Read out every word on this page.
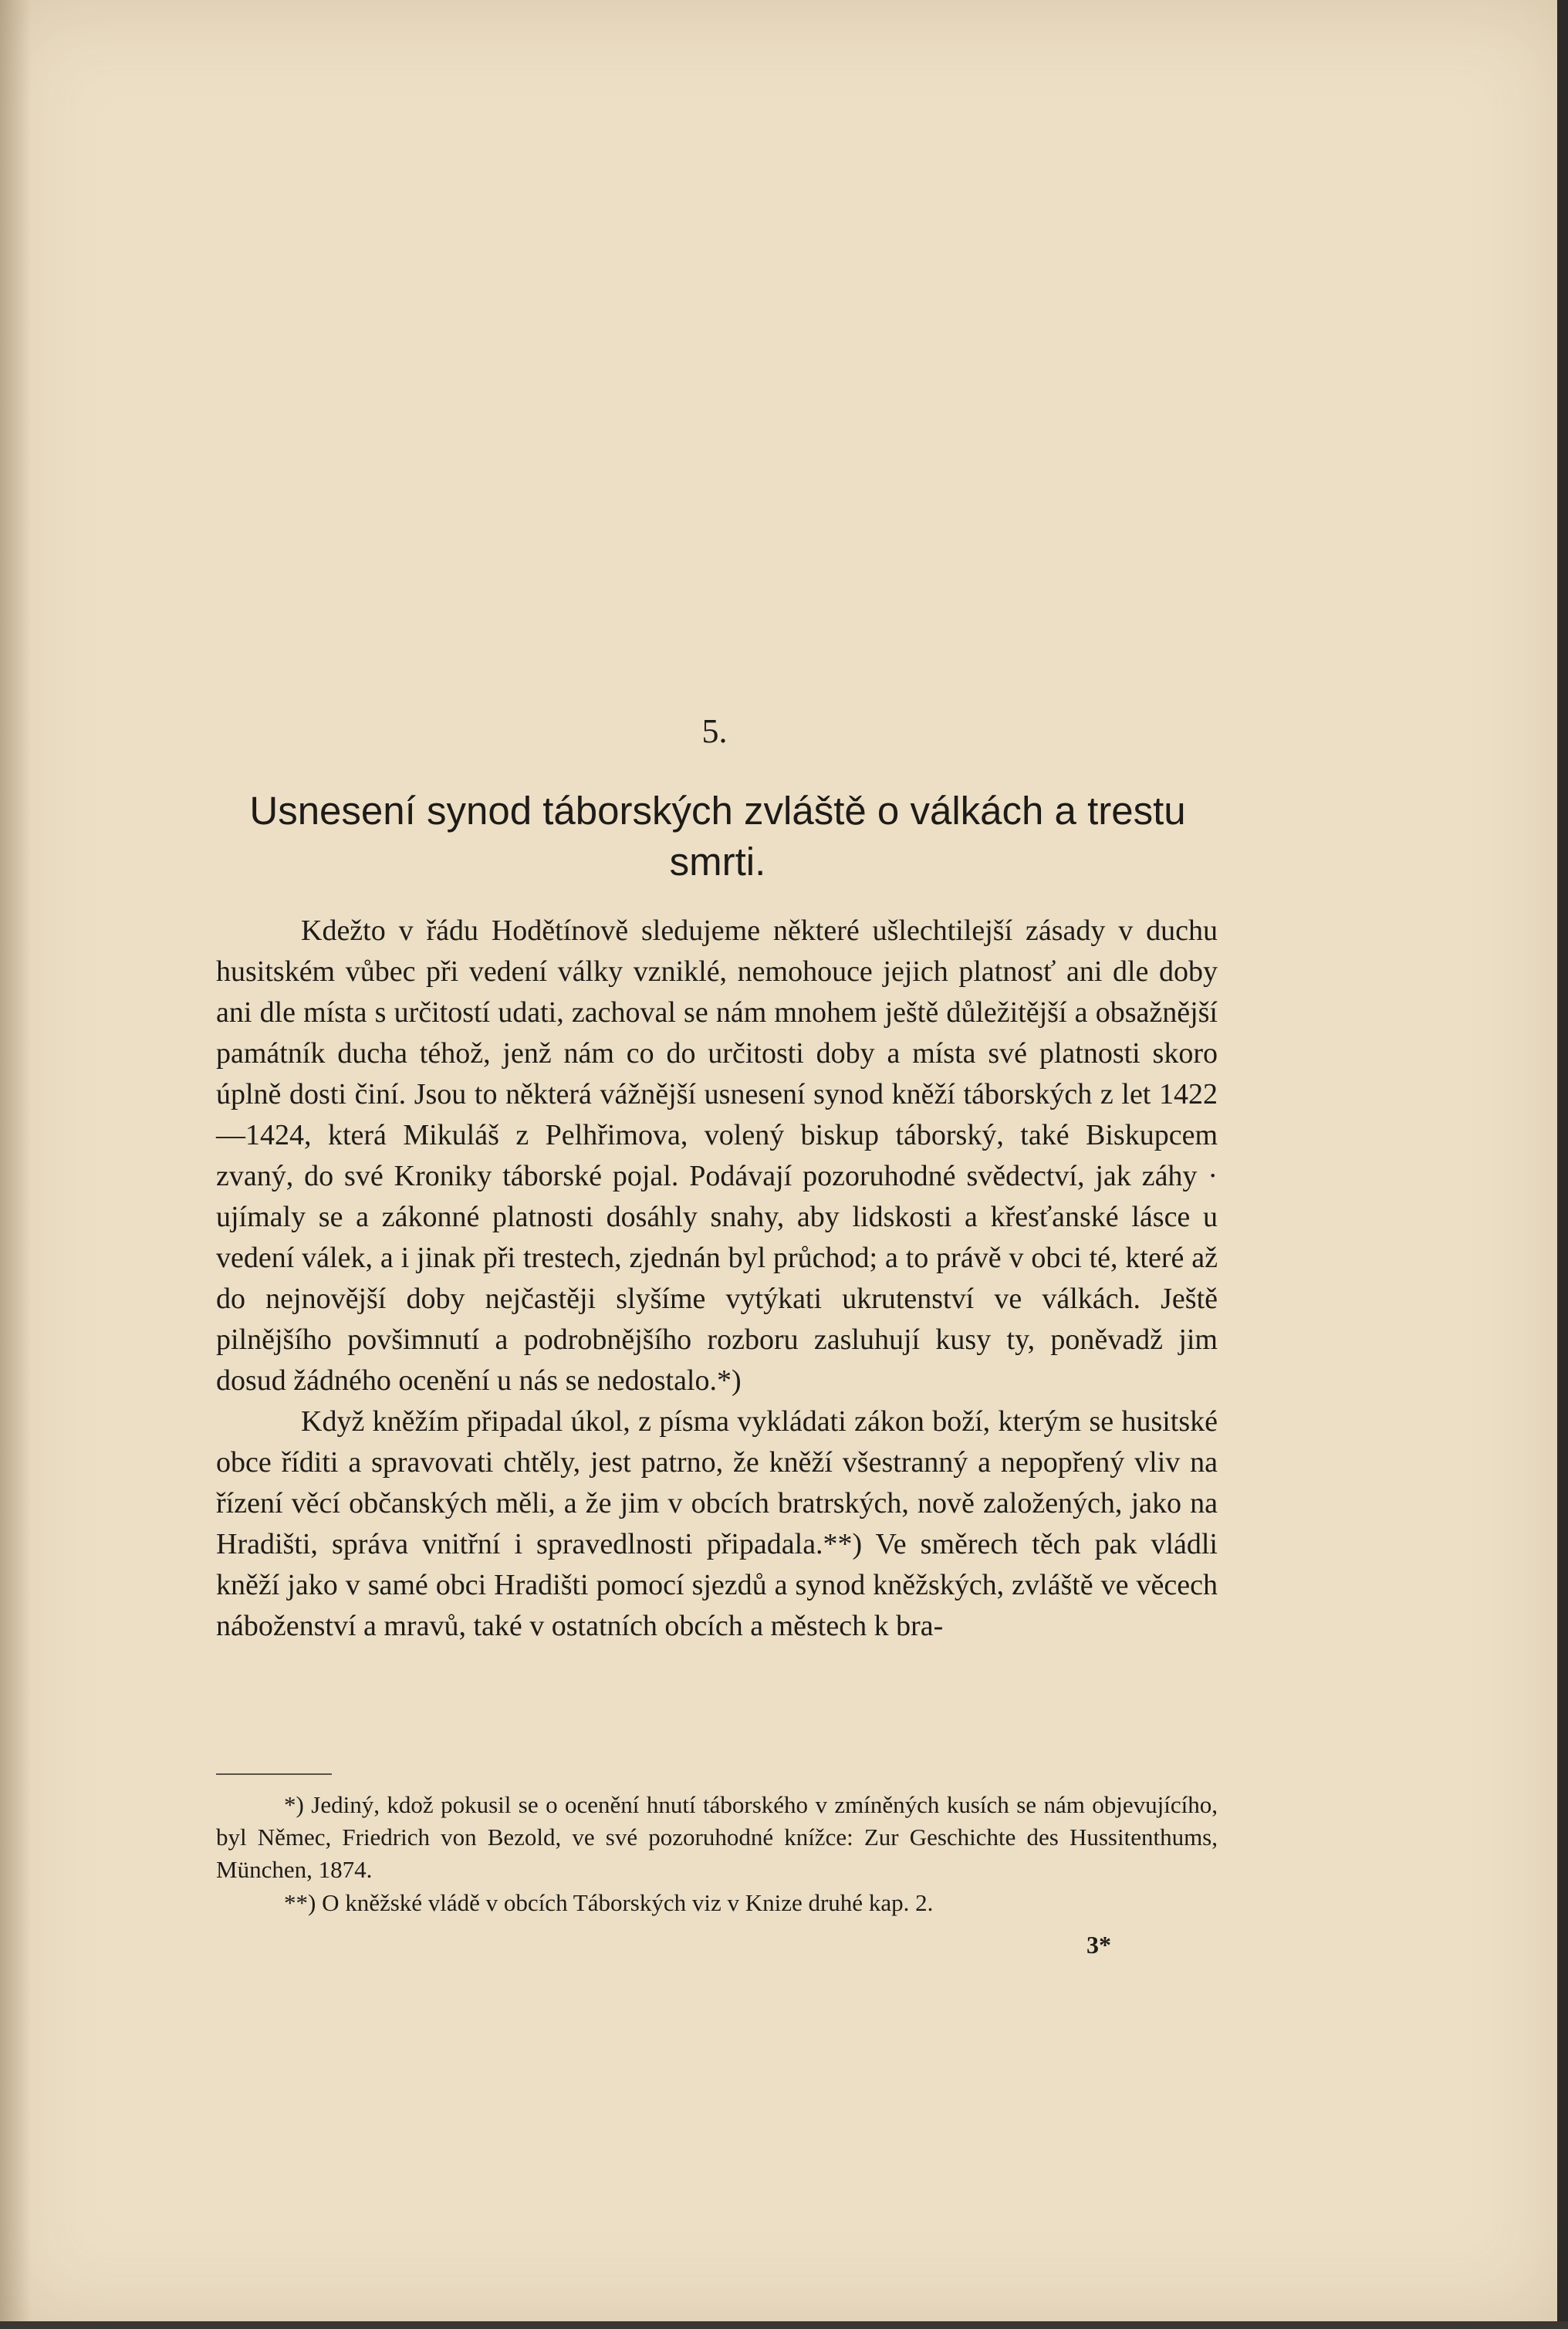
5.
Usnesení synod táborských zvláště o válkách a trestu smrti.

Kdežto v řádu Hodětínově sledujeme některé ušlechtilejší zásady v duchu husitském vůbec při vedení války vzniklé, nemohouce jejich platnosť ani dle doby ani dle místa s určitostí udati, zachoval se nám mnohem ještě důležitější a obsažnější památník ducha téhož, jenž nám co do určitosti doby a místa své platnosti skoro úplně dosti činí. Jsou to některá vážnější usnesení synod kněží táborských z let 1422—1424, která Mikuláš z Pelhřimova, volený biskup táborský, také Biskupcem zvaný, do své Kroniky táborské pojal. Podávají pozoruhodné svědectví, jak záhy · ujímaly se a zákonné platnosti dosáhly snahy, aby lidskosti a křesťanské lásce u vedení válek, a i jinak při trestech, zjednán byl průchod; a to právě v obci té, které až do nejnovější doby nejčastěji slyšíme vytýkati ukrutenství ve válkách. Ještě pilnějšího povšimnutí a podrobnějšího rozboru zasluhují kusy ty, poněvadž jim dosud žádného ocenění u nás se nedostalo.*)

Když kněžím připadal úkol, z písma vykládati zákon boží, kterým se husitské obce říditi a spravovati chtěly, jest patrno, že kněží všestranný a nepopřený vliv na řízení věcí občanských měli, a že jim v obcích bratrských, nově založených, jako na Hradišti, správa vnitřní i spravedlnosti připadala.**) Ve směrech těch pak vládli kněží jako v samé obci Hradišti pomocí sjezdů a synod kněžských, zvláště ve věcech náboženství a mravů, také v ostatních obcích a městech k bra-

*) Jediný, kdož pokusil se o ocenění hnutí táborského v zmíněných kusích se nám objevujícího, byl Němec, Friedrich von Bezold, ve své pozoruhodné knížce: Zur Geschichte des Hussitenthums, München, 1874.

**) O kněžské vládě v obcích Táborských viz v Knize druhé kap. 2.

3*
